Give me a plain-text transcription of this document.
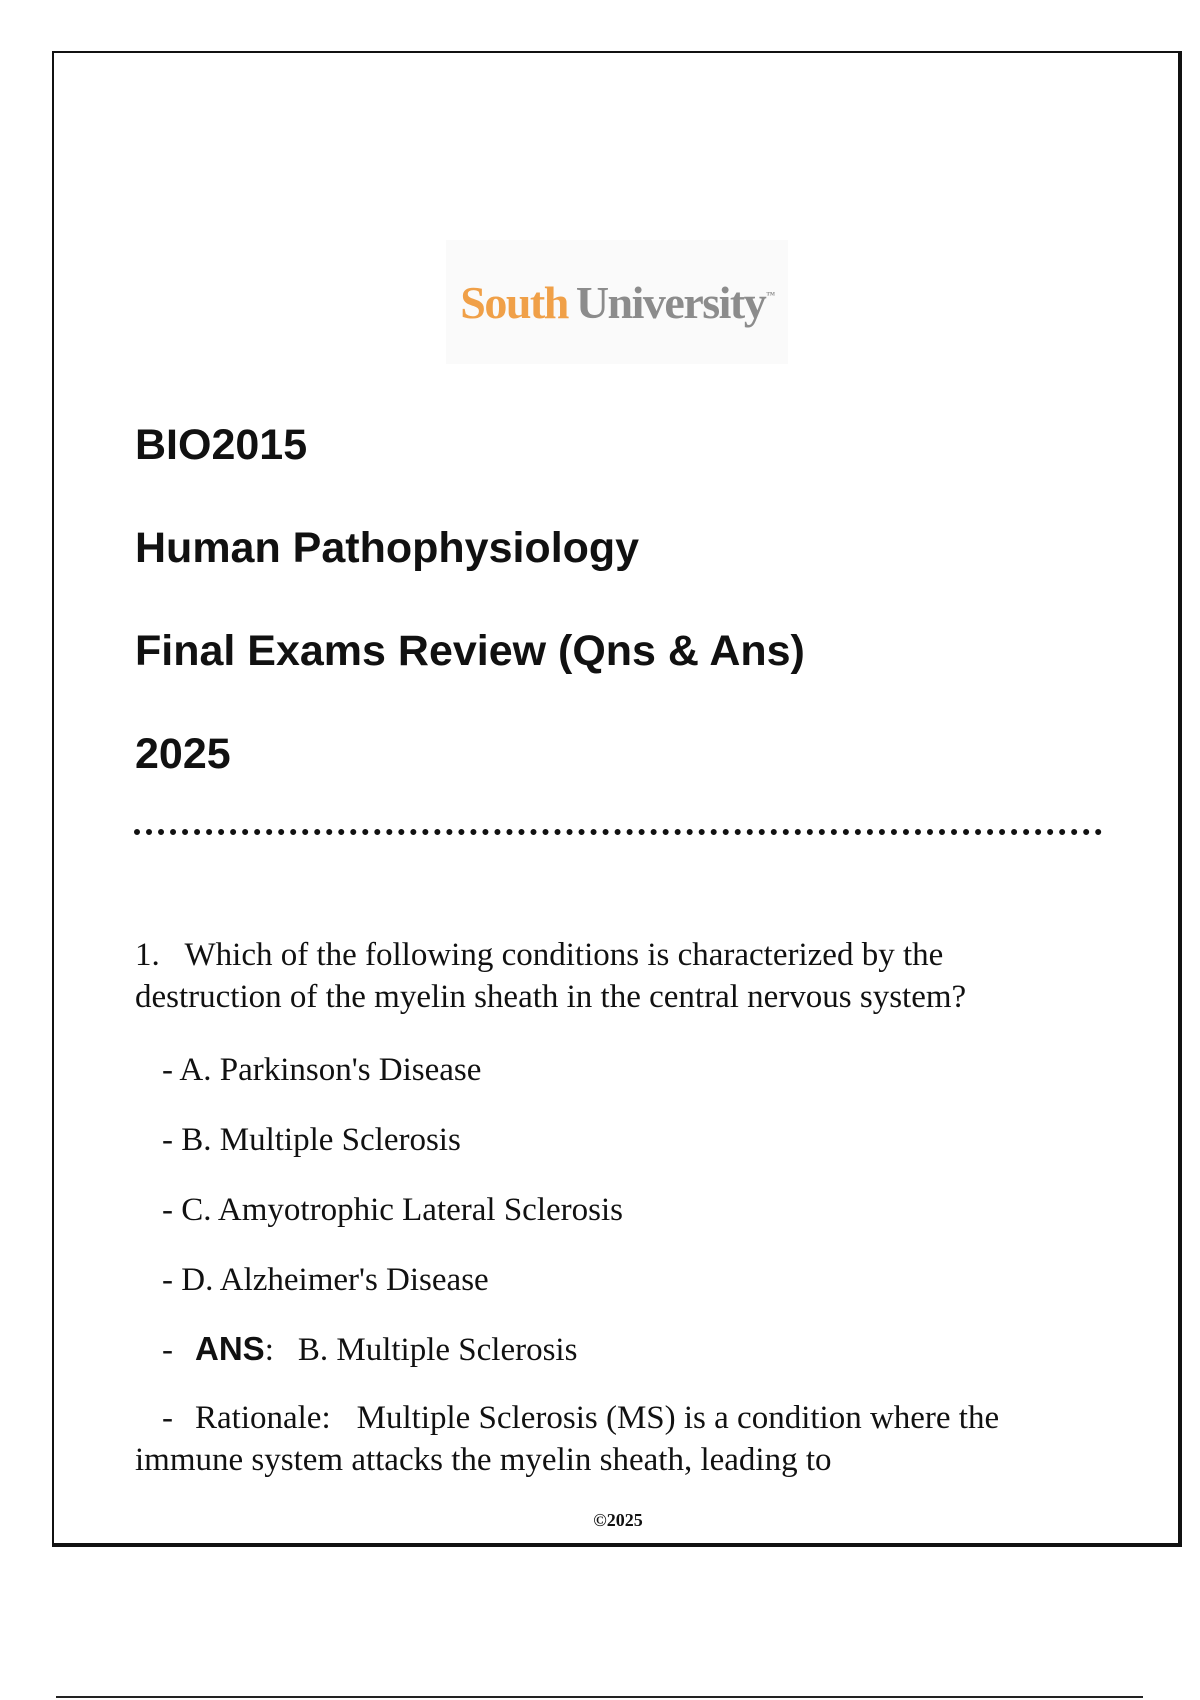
South University™
BIO2015
Human Pathophysiology
Final Exams Review (Qns & Ans)
2025

1. Which of the following conditions is characterized by the destruction of the myelin sheath in the central nervous system?

- A. Parkinson's Disease

- B. Multiple Sclerosis

- C. Amyotrophic Lateral Sclerosis

- D. Alzheimer's Disease

- ANS: B. Multiple Sclerosis

- Rationale: Multiple Sclerosis (MS) is a condition where the immune system attacks the myelin sheath, leading to

©2025
